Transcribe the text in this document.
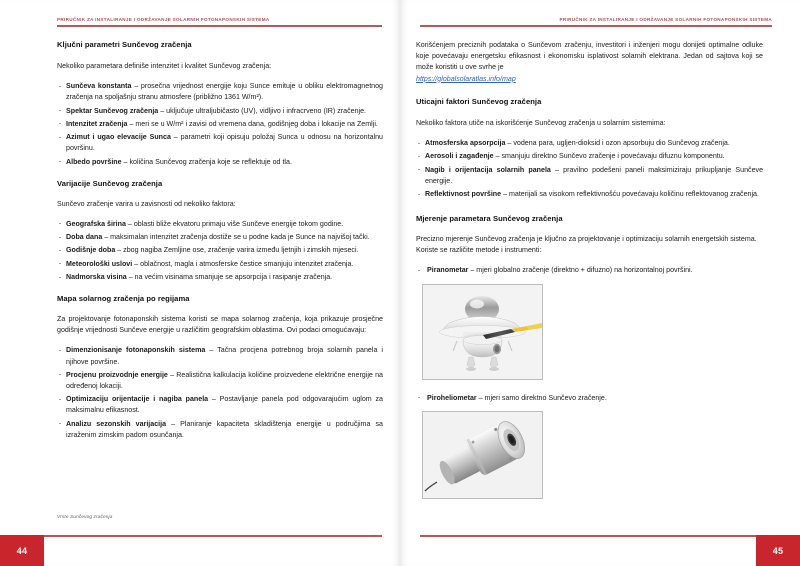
PRIRUČNIK ZA INSTALIRANJE I ODRŽAVANJE SOLARNIH FOTONAPONSKIH SISTEMA
Ključni parametri Sunčevog zračenja

Nekoliko parametara definiše intenzitet i kvalitet Sunčevog zračenja:

· Sunčeva konstanta – prosečna vrijednost energije koju Sunce emituje u obliku elektromagnetnog zračenja na spoljašnju stranu atmosfere (približno 1361 W/m²).
· Spektar Sunčevog zračenja – uključuje ultraljubičasto (UV), vidljivo i infracrveno (IR) zračenje.
· Intenzitet zračenja – meri se u W/m² i zavisi od vremena dana, godišnjeg doba i lokacije na Zemlji.
· Azimut i ugao elevacije Sunca – parametri koji opisuju položaj Sunca u odnosu na horizontalnu površinu.
· Albedo površine – količina Sunčevog zračenja koje se reflektuje od tla.
Varijacije Sunčevog zračenja

Sunčevo zračenje varira u zavisnosti od nekoliko faktora:

· Geografska širina – oblasti bliže ekvatoru primaju više Sunčeve energije tokom godine.
· Doba dana – maksimalan intenzitet zračenja dostiže se u podne kada je Sunce na najvišoj tački.
· Godišnje doba – zbog nagiba Zemljine ose, zračenje varira između ljetnjih i zimskih mjeseci.
· Meteorološki uslovi – oblačnost, magla i atmosferske čestice smanjuju intenzitet zračenja.
· Nadmorska visina – na većim visinama smanjuje se apsorpcija i rasipanje zračenja.
Mapa solarnog zračenja po regijama

Za projektovanje fotonaponskih sistema koristi se mapa solarnog zračenja, koja prikazuje prosječne godišnje vrijednosti Sunčeve energije u različitim geografskim oblastima. Ovi podaci omogućavaju:

· Dimenzionisanje fotonaponskih sistema – Tačna procjena potrebnog broja solarnih panela i njihove površine.
· Procjenu proizvodnje energije – Realistična kalkulacija količine proizvedene električne energije na određenoj lokaciji.
· Optimizaciju orijentacije i nagiba panela – Postavljanje panela pod odgovarajućim uglom za maksimalnu efikasnost.
· Analizu sezonskih varijacija – Planiranje kapaciteta skladištenja energije u područjima sa izraženim zimskim padom osunčanja.
Vrste Sunčevog zračenja
44
PRIRUČNIK ZA INSTALIRANJE I ODRŽAVANJE SOLARNIH FOTONAPONSKIH SISTEMA

Korišćenjem preciznih podataka o Sunčevom zračenju, investitori i inženjeri mogu donijeti optimalne odluke koje povećavaju energetsku efikasnost i ekonomsku isplativost solarnih elektrana. Jedan od sajtova koji se može koristiti u ove svrhe je
https://globalsolaratlas.info/map

Uticajni faktori Sunčevog zračenja

Nekoliko faktora utiče na iskorišćenje Sunčevog zračenja u solarnim sistemima:

· Atmosferska apsorpcija – vodena para, ugljen-dioksid i ozon apsorbuju dio Sunčevog zračenja.
· Aerosoli i zagađenje – smanjuju direktno Sunčevo zračenje i povećavaju difuznu komponentu.
· Nagib i orijentacija solarnih panela – pravilno podešeni paneli maksimiziraju prikupljanje Sunčeve energije.
· Reflektivnost površine – materijali sa visokom reflektivnošću povećavaju količinu reflektovanog zračenja.
Mjerenje parametara Sunčevog zračenja

Precizno mjerenje Sunčevog zračenja je ključno za projektovanje i optimizaciju solarnih energetskih sistema. Koriste se različite metode i instrumenti:

· Piranometar – mjeri globalno zračenje (direktno + difuzno) na horizontalnoj površini.
· Piroheliometar – mjeri samo direktno Sunčevo zračenje.
45
